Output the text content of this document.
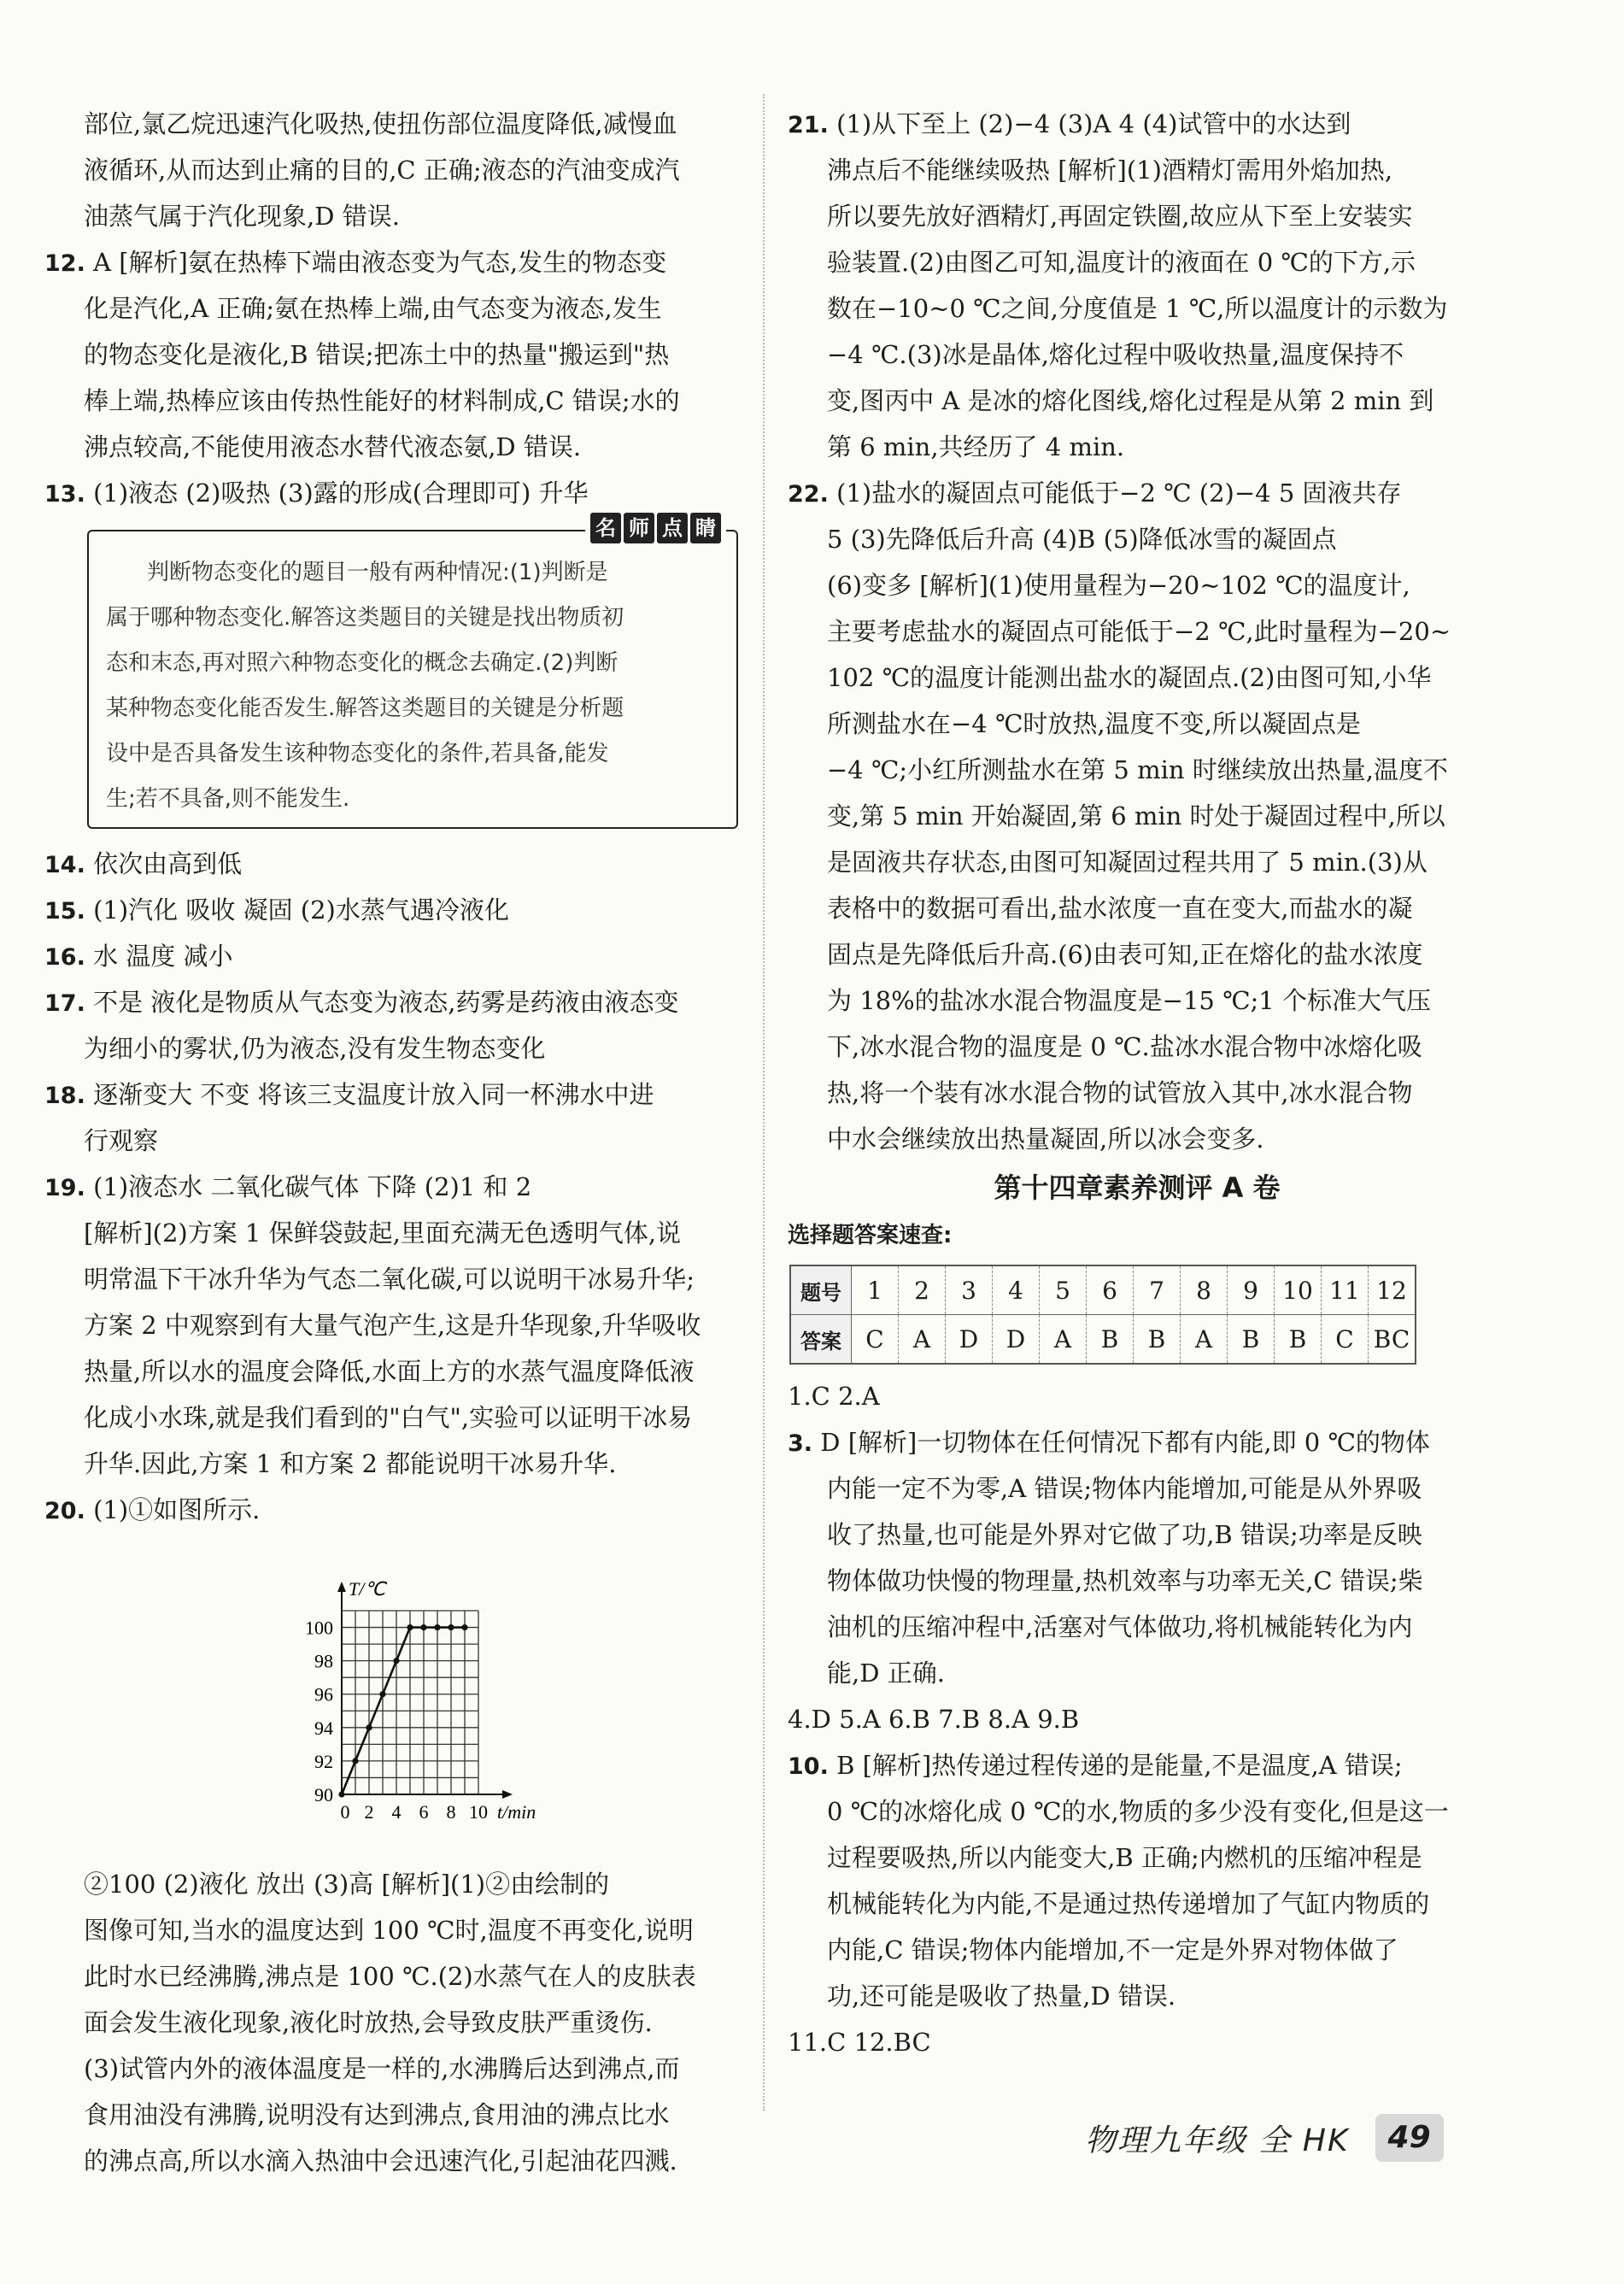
部位,氯乙烷迅速汽化吸热,使扭伤部位温度降低,减慢血
液循环,从而达到止痛的目的,C 正确;液态的汽油变成汽
油蒸气属于汽化现象,D 错误.
12. A [解析]氨在热棒下端由液态变为气态,发生的物态变
化是汽化,A 正确;氨在热棒上端,由气态变为液态,发生
的物态变化是液化,B 错误;把冻土中的热量"搬运到"热
棒上端,热棒应该由传热性能好的材料制成,C 错误;水的
沸点较高,不能使用液态水替代液态氨,D 错误.
13. (1)液态 (2)吸热 (3)露的形成(合理即可) 升华
名 师 点 睛
判断物态变化的题目一般有两种情况:(1)判断是
属于哪种物态变化.解答这类题目的关键是找出物质初
态和末态,再对照六种物态变化的概念去确定.(2)判断
某种物态变化能否发生.解答这类题目的关键是分析题
设中是否具备发生该种物态变化的条件,若具备,能发
生;若不具备,则不能发生.
14. 依次由高到低
15. (1)汽化 吸收 凝固 (2)水蒸气遇冷液化
16. 水 温度 减小
17. 不是 液化是物质从气态变为液态,药雾是药液由液态变
为细小的雾状,仍为液态,没有发生物态变化
18. 逐渐变大 不变 将该三支温度计放入同一杯沸水中进
行观察
19. (1)液态水 二氧化碳气体 下降 (2)1 和 2
[解析](2)方案 1 保鲜袋鼓起,里面充满无色透明气体,说
明常温下干冰升华为气态二氧化碳,可以说明干冰易升华;
方案 2 中观察到有大量气泡产生,这是升华现象,升华吸收
热量,所以水的温度会降低,水面上方的水蒸气温度降低液
化成小水珠,就是我们看到的"白气",实验可以证明干冰易
升华.因此,方案 1 和方案 2 都能说明干冰易升华.
20. (1)①如图所示.
T/℃
t/min
90
92
94
96
98
100
0 2 4 6 8 10
②100 (2)液化 放出 (3)高 [解析](1)②由绘制的
图像可知,当水的温度达到 100 ℃时,温度不再变化,说明
此时水已经沸腾,沸点是 100 ℃.(2)水蒸气在人的皮肤表
面会发生液化现象,液化时放热,会导致皮肤严重烫伤.
(3)试管内外的液体温度是一样的,水沸腾后达到沸点,而
食用油没有沸腾,说明没有达到沸点,食用油的沸点比水
的沸点高,所以水滴入热油中会迅速汽化,引起油花四溅.
21. (1)从下至上 (2)−4 (3)A 4 (4)试管中的水达到
沸点后不能继续吸热 [解析](1)酒精灯需用外焰加热,
所以要先放好酒精灯,再固定铁圈,故应从下至上安装实
验装置.(2)由图乙可知,温度计的液面在 0 ℃的下方,示
数在−10~0 ℃之间,分度值是 1 ℃,所以温度计的示数为
−4 ℃.(3)冰是晶体,熔化过程中吸收热量,温度保持不
变,图丙中 A 是冰的熔化图线,熔化过程是从第 2 min 到
第 6 min,共经历了 4 min.
22. (1)盐水的凝固点可能低于−2 ℃ (2)−4 5 固液共存
5 (3)先降低后升高 (4)B (5)降低冰雪的凝固点
(6)变多 [解析](1)使用量程为−20~102 ℃的温度计,
主要考虑盐水的凝固点可能低于−2 ℃,此时量程为−20~
102 ℃的温度计能测出盐水的凝固点.(2)由图可知,小华
所测盐水在−4 ℃时放热,温度不变,所以凝固点是
−4 ℃;小红所测盐水在第 5 min 时继续放出热量,温度不
变,第 5 min 开始凝固,第 6 min 时处于凝固过程中,所以
是固液共存状态,由图可知凝固过程共用了 5 min.(3)从
表格中的数据可看出,盐水浓度一直在变大,而盐水的凝
固点是先降低后升高.(6)由表可知,正在熔化的盐水浓度
为 18%的盐冰水混合物温度是−15 ℃;1 个标准大气压
下,冰水混合物的温度是 0 ℃.盐冰水混合物中冰熔化吸
热,将一个装有冰水混合物的试管放入其中,冰水混合物
中水会继续放出热量凝固,所以冰会变多.
第十四章素养测评 A 卷
选择题答案速查:
题号	1	2	3	4	5	6	7	8	9	10	11	12
答案	C	A	D	D	A	B	B	A	B	B	C	BC
1.C 2.A
3. D [解析]一切物体在任何情况下都有内能,即 0 ℃的物体
内能一定不为零,A 错误;物体内能增加,可能是从外界吸
收了热量,也可能是外界对它做了功,B 错误;功率是反映
物体做功快慢的物理量,热机效率与功率无关,C 错误;柴
油机的压缩冲程中,活塞对气体做功,将机械能转化为内
能,D 正确.
4.D 5.A 6.B 7.B 8.A 9.B
10. B [解析]热传递过程传递的是能量,不是温度,A 错误;
0 ℃的冰熔化成 0 ℃的水,物质的多少没有变化,但是这一
过程要吸热,所以内能变大,B 正确;内燃机的压缩冲程是
机械能转化为内能,不是通过热传递增加了气缸内物质的
内能,C 错误;物体内能增加,不一定是外界对物体做了
功,还可能是吸收了热量,D 错误.
11.C 12.BC
物理九年级 全 HK	49
